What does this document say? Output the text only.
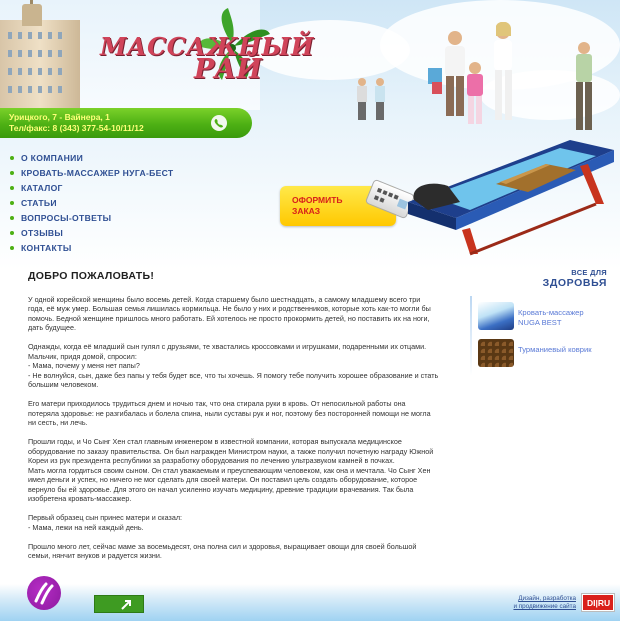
МАССАЖНЫЙ
РАЙ
Урицкого, 7 - Вайнера, 1
Тел/факс: 8 (343) 377-54-10/11/12
О КОМПАНИИ
КРОВАТЬ-МАССАЖЕР НУГА-БЕСТ
КАТАЛОГ
СТАТЬИ
ВОПРОСЫ-ОТВЕТЫ
ОТЗЫВЫ
КОНТАКТЫ
ОФОРМИТЬ
ЗАКАЗ
ДОБРО ПОЖАЛОВАТЬ!

У одной корейской женщины было восемь детей. Когда старшему было шестнадцать, а самому младшему всего три
года, её муж умер. Большая семья лишилась кормильца. Не было у них и родственников, которые хоть как-то могли бы
помочь. Бедной женщине пришлось много работать. Ей хотелось не просто прокормить детей, но поставить их на ноги,
дать будущее.

Однажды, когда её младший сын гулял с друзьями, те хвастались кроссовками и игрушками, подаренными их отцами.
Мальчик, придя домой, спросил:
- Мама, почему у меня нет папы?
- Не волнуйся, сын, даже без папы у тебя будет все, что ты хочешь. Я помогу тебе получить хорошее образование и стать
большим человеком.

Его матери приходилось трудиться днем и ночью так, что она стирала руки в кровь. От непосильной работы она
потеряла здоровье: не разгибалась и болела спина, ныли суставы рук и ног, поэтому без посторонней помощи не могла
ни сесть, ни лечь.

Прошли годы, и Чо Сынг Хен стал главным инженером в известной компании, которая выпускала медицинское
оборудование по заказу правительства. Он был награжден Министром науки, а также получил почетную награду Южной
Кореи из рук президента республики за разработку оборудования по лечению ультразвуком камней в почках.
Мать могла гордиться своим сыном. Он стал уважаемым и преуспевающим человеком, как она и мечтала. Чо Сынг Хен
имел деньги и успех, но ничего не мог сделать для своей матери. Он поставил цель создать оборудование, которое
вернуло бы ей здоровье. Для этого он начал усиленно изучать медицину, древние традиции врачевания. Так была
изобретена кровать-массажер.

Первый образец сын принес матери и сказал:
- Мама, лежи на ней каждый день.

Прошло много лет, сейчас маме за восемьдесят, она полна сил и здоровья, выращивает овощи для своей большой
семьи, нянчит внуков и радуется жизни.

ВСЕ ДЛЯ
ЗДОРОВЬЯ
Кровать-массажер
NUGA BEST
Турманиевый коврик
Дизайн, разработка
и продвижение сайта DI|RU
